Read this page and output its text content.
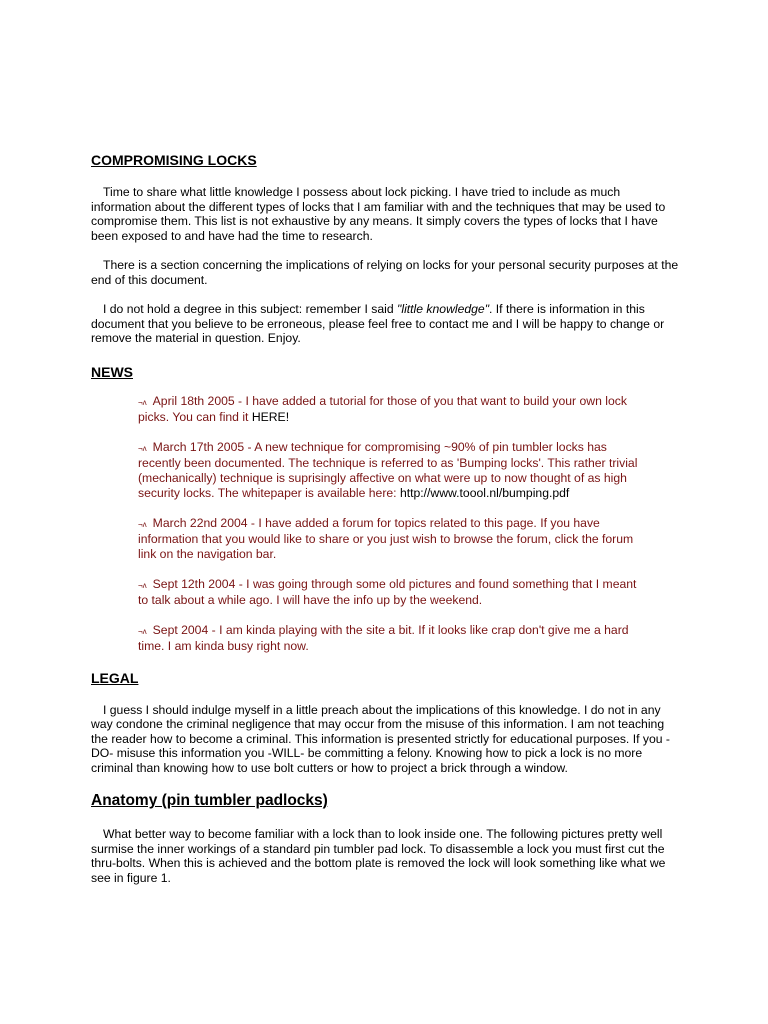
COMPROMISING LOCKS

Time to share what little knowledge I possess about lock picking. I have tried to include as much information about the different types of locks that I am familiar with and the techniques that may be used to compromise them. This list is not exhaustive by any means. It simply covers the types of locks that I have been exposed to and have had the time to research.

There is a section concerning the implications of relying on locks for your personal security purposes at the end of this document.

I do not hold a degree in this subject: remember I said "little knowledge". If there is information in this document that you believe to be erroneous, please feel free to contact me and I will be happy to change or remove the material in question. Enjoy.

NEWS
¬ʌ April 18th 2005 - I have added a tutorial for those of you that want to build your own lock picks. You can find it HERE!
¬ʌ March 17th 2005 - A new technique for compromising ~90% of pin tumbler locks has recently been documented. The technique is referred to as 'Bumping locks'. This rather trivial (mechanically) technique is suprisingly affective on what were up to now thought of as high security locks. The whitepaper is available here: http://www.toool.nl/bumping.pdf
¬ʌ March 22nd 2004 - I have added a forum for topics related to this page. If you have information that you would like to share or you just wish to browse the forum, click the forum link on the navigation bar.
¬ʌ Sept 12th 2004 - I was going through some old pictures and found something that I meant to talk about a while ago. I will have the info up by the weekend.
¬ʌ Sept 2004 - I am kinda playing with the site a bit. If it looks like crap don't give me a hard time. I am kinda busy right now.
LEGAL

I guess I should indulge myself in a little preach about the implications of this knowledge. I do not in any way condone the criminal negligence that may occur from the misuse of this information. I am not teaching the reader how to become a criminal. This information is presented strictly for educational purposes. If you -DO- misuse this information you -WILL- be committing a felony. Knowing how to pick a lock is no more criminal than knowing how to use bolt cutters or how to project a brick through a window.

Anatomy (pin tumbler padlocks)

What better way to become familiar with a lock than to look inside one. The following pictures pretty well surmise the inner workings of a standard pin tumbler pad lock. To disassemble a lock you must first cut the thru-bolts. When this is achieved and the bottom plate is removed the lock will look something like what we see in figure 1.
